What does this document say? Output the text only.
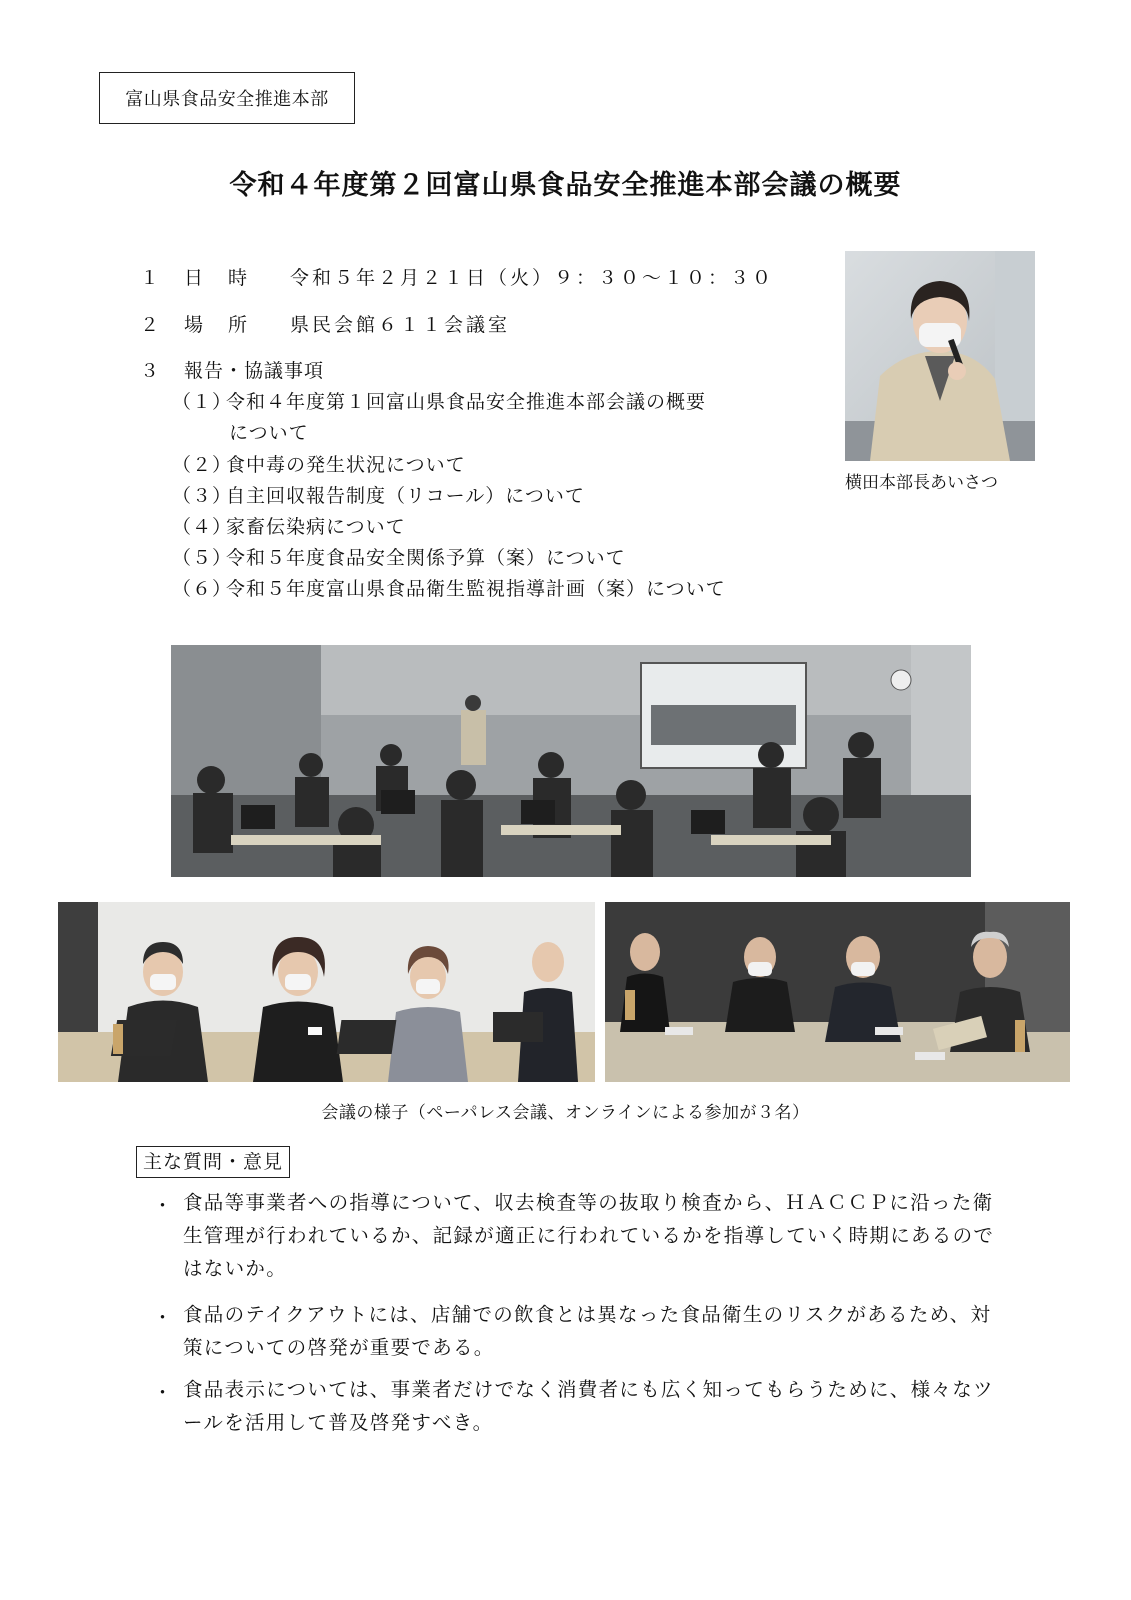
富山県食品安全推進本部
令和４年度第２回富山県食品安全推進本部会議の概要
１ 日　時 令和５年２月２１日（火）９：３０～１０：３０
２ 場　所 県民会館６１１会議室
３ 報告・協議事項
（１）令和４年度第１回富山県食品安全推進本部会議の概要
について
（２）食中毒の発生状況について
（３）自主回収報告制度（リコール）について
（４）家畜伝染病について
（５）令和５年度食品安全関係予算（案）について
（６）令和５年度富山県食品衛生監視指導計画（案）について
横田本部長あいさつ
会議の様子（ペーパレス会議、オンラインによる参加が３名）
主な質問・意見
・ 食品等事業者への指導について、収去検査等の抜取り検査から、ＨＡＣＣＰに沿った衛生管理が行われているか、記録が適正に行われているかを指導していく時期にあるのではないか。
・ 食品のテイクアウトには、店舗での飲食とは異なった食品衛生のリスクがあるため、対策についての啓発が重要である。
・ 食品表示については、事業者だけでなく消費者にも広く知ってもらうために、様々なツールを活用して普及啓発すべき。
